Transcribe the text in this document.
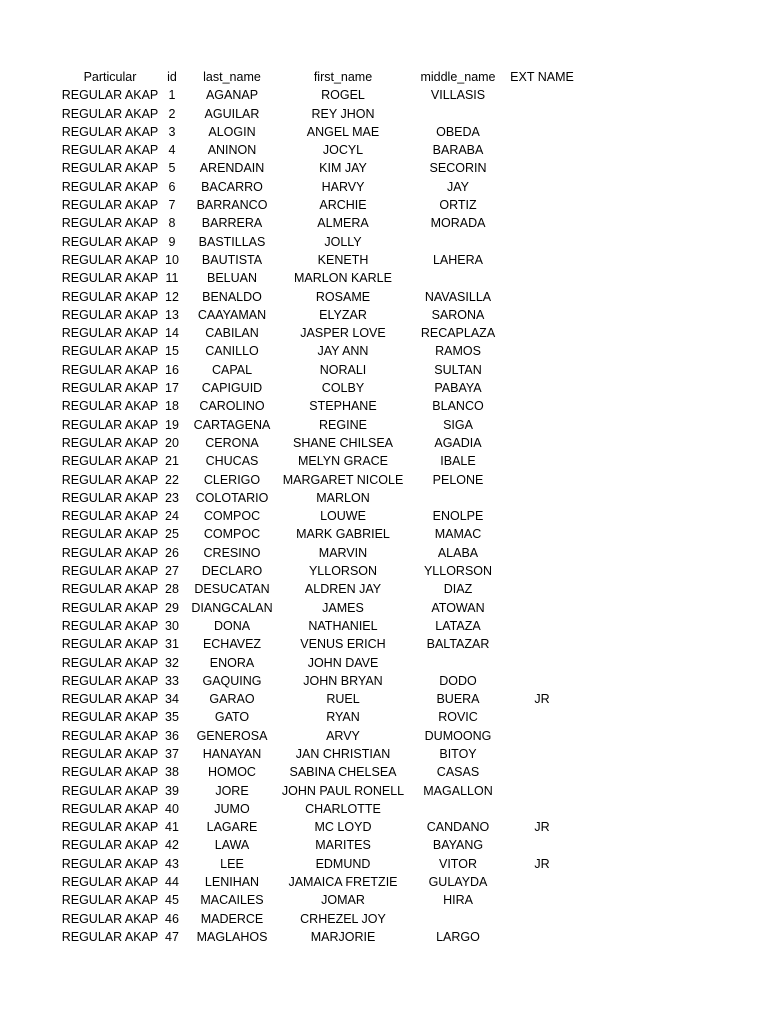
Particular	id	last_name	first_name	middle_name	EXT NAME
REGULAR AKAP 1	AGANAP	ROGEL	VILLASIS
REGULAR AKAP 2	AGUILAR	REY JHON
REGULAR AKAP 3	ALOGIN	ANGEL MAE	OBEDA
REGULAR AKAP 4	ANINON	JOCYL	BARABA
REGULAR AKAP 5	ARENDAIN	KIM JAY	SECORIN
REGULAR AKAP 6	BACARRO	HARVY	JAY
REGULAR AKAP 7	BARRANCO	ARCHIE	ORTIZ
REGULAR AKAP 8	BARRERA	ALMERA	MORADA
REGULAR AKAP 9	BASTILLAS	JOLLY
REGULAR AKAP 10	BAUTISTA	KENETH	LAHERA
REGULAR AKAP 11	BELUAN	MARLON KARLE
REGULAR AKAP 12	BENALDO	ROSAME	NAVASILLA
REGULAR AKAP 13	CAAYAMAN	ELYZAR	SARONA
REGULAR AKAP 14	CABILAN	JASPER LOVE	RECAPLAZA
REGULAR AKAP 15	CANILLO	JAY ANN	RAMOS
REGULAR AKAP 16	CAPAL	NORALI	SULTAN
REGULAR AKAP 17	CAPIGUID	COLBY	PABAYA
REGULAR AKAP 18	CAROLINO	STEPHANE	BLANCO
REGULAR AKAP 19	CARTAGENA	REGINE	SIGA
REGULAR AKAP 20	CERONA	SHANE CHILSEA	AGADIA
REGULAR AKAP 21	CHUCAS	MELYN GRACE	IBALE
REGULAR AKAP 22	CLERIGO	MARGARET NICOLE	PELONE
REGULAR AKAP 23	COLOTARIO	MARLON
REGULAR AKAP 24	COMPOC	LOUWE	ENOLPE
REGULAR AKAP 25	COMPOC	MARK GABRIEL	MAMAC
REGULAR AKAP 26	CRESINO	MARVIN	ALABA
REGULAR AKAP 27	DECLARO	YLLORSON	YLLORSON
REGULAR AKAP 28	DESUCATAN	ALDREN JAY	DIAZ
REGULAR AKAP 29 DIANGCALAN	JAMES	ATOWAN
REGULAR AKAP 30	DONA	NATHANIEL	LATAZA
REGULAR AKAP 31	ECHAVEZ	VENUS ERICH	BALTAZAR
REGULAR AKAP 32	ENORA	JOHN DAVE
REGULAR AKAP 33	GAQUING	JOHN BRYAN	DODO
REGULAR AKAP 34	GARAO	RUEL	BUERA	JR
REGULAR AKAP 35	GATO	RYAN	ROVIC
REGULAR AKAP 36	GENEROSA	ARVY	DUMOONG
REGULAR AKAP 37	HANAYAN	JAN CHRISTIAN	BITOY
REGULAR AKAP 38	HOMOC	SABINA CHELSEA	CASAS
REGULAR AKAP 39	JORE	JOHN PAUL RONELL	MAGALLON
REGULAR AKAP 40	JUMO	CHARLOTTE
REGULAR AKAP 41	LAGARE	MC LOYD	CANDANO	JR
REGULAR AKAP 42	LAWA	MARITES	BAYANG
REGULAR AKAP 43	LEE	EDMUND	VITOR	JR
REGULAR AKAP 44	LENIHAN	JAMAICA FRETZIE	GULAYDA
REGULAR AKAP 45	MACAILES	JOMAR	HIRA
REGULAR AKAP 46	MADERCE	CRHEZEL JOY
REGULAR AKAP 47	MAGLAHOS	MARJORIE	LARGO
